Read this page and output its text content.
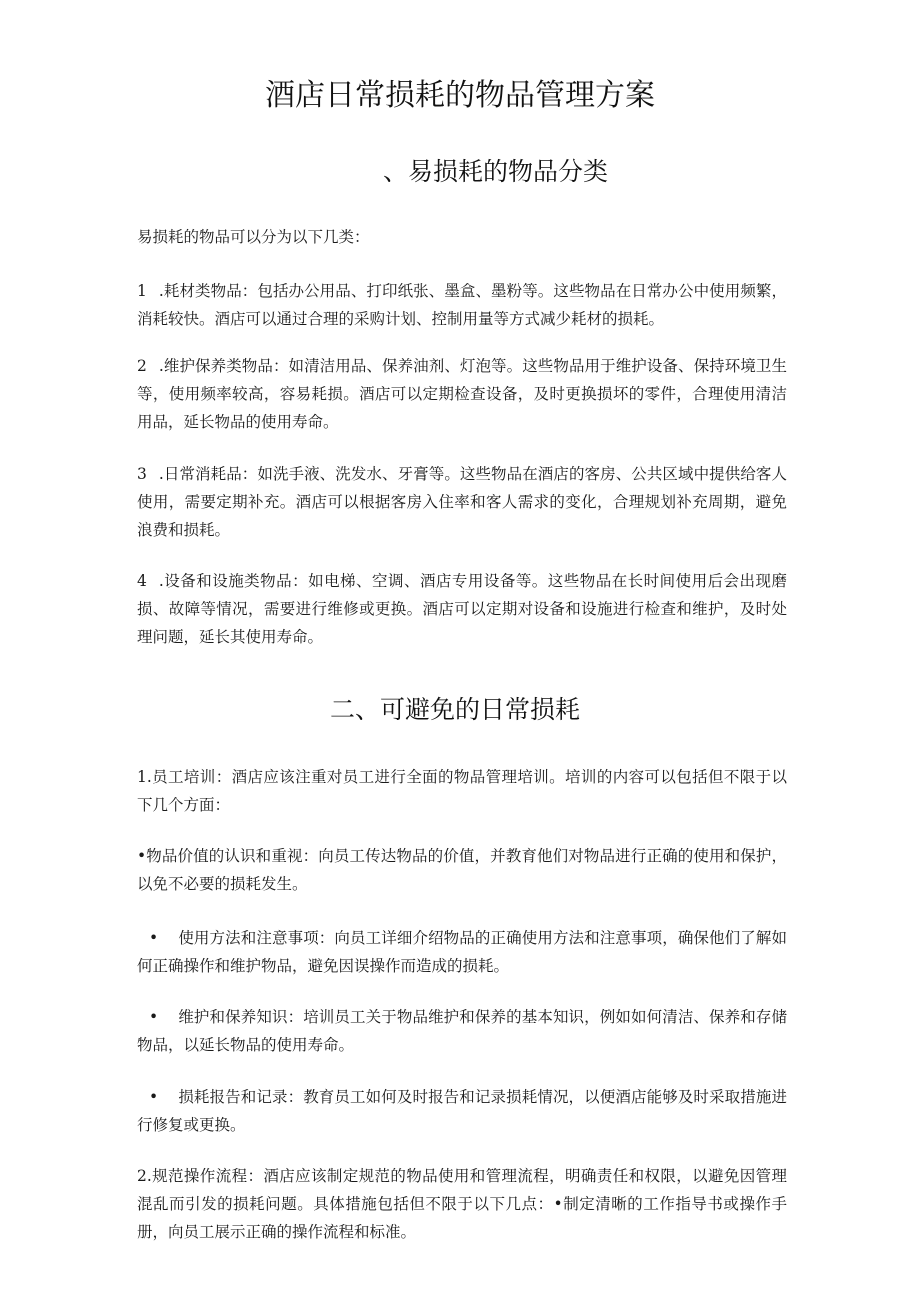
酒店日常损耗的物品管理方案
、易损耗的物品分类

易损耗的物品可以分为以下几类：

1 .耗材类物品：包括办公用品、打印纸张、墨盒、墨粉等。这些物品在日常办公中使用频繁，消耗较快。酒店可以通过合理的采购计划、控制用量等方式减少耗材的损耗。

2 .维护保养类物品：如清洁用品、保养油剂、灯泡等。这些物品用于维护设备、保持环境卫生等，使用频率较高，容易耗损。酒店可以定期检查设备，及时更换损坏的零件，合理使用清洁用品，延长物品的使用寿命。

3 .日常消耗品：如洗手液、洗发水、牙膏等。这些物品在酒店的客房、公共区域中提供给客人使用，需要定期补充。酒店可以根据客房入住率和客人需求的变化，合理规划补充周期，避免浪费和损耗。

4 .设备和设施类物品：如电梯、空调、酒店专用设备等。这些物品在长时间使用后会出现磨损、故障等情况，需要进行维修或更换。酒店可以定期对设备和设施进行检查和维护，及时处理问题，延长其使用寿命。

二、可避免的日常损耗

1.员工培训：酒店应该注重对员工进行全面的物品管理培训。培训的内容可以包括但不限于以下几个方面：

•物品价值的认识和重视：向员工传达物品的价值，并教育他们对物品进行正确的使用和保护，以免不必要的损耗发生。

• 使用方法和注意事项：向员工详细介绍物品的正确使用方法和注意事项，确保他们了解如何正确操作和维护物品，避免因误操作而造成的损耗。

• 维护和保养知识：培训员工关于物品维护和保养的基本知识，例如如何清洁、保养和存储物品，以延长物品的使用寿命。

• 损耗报告和记录：教育员工如何及时报告和记录损耗情况，以便酒店能够及时采取措施进行修复或更换。

2.规范操作流程：酒店应该制定规范的物品使用和管理流程，明确责任和权限，以避免因管理混乱而引发的损耗问题。具体措施包括但不限于以下几点：•制定清晰的工作指导书或操作手册，向员工展示正确的操作流程和标准。
